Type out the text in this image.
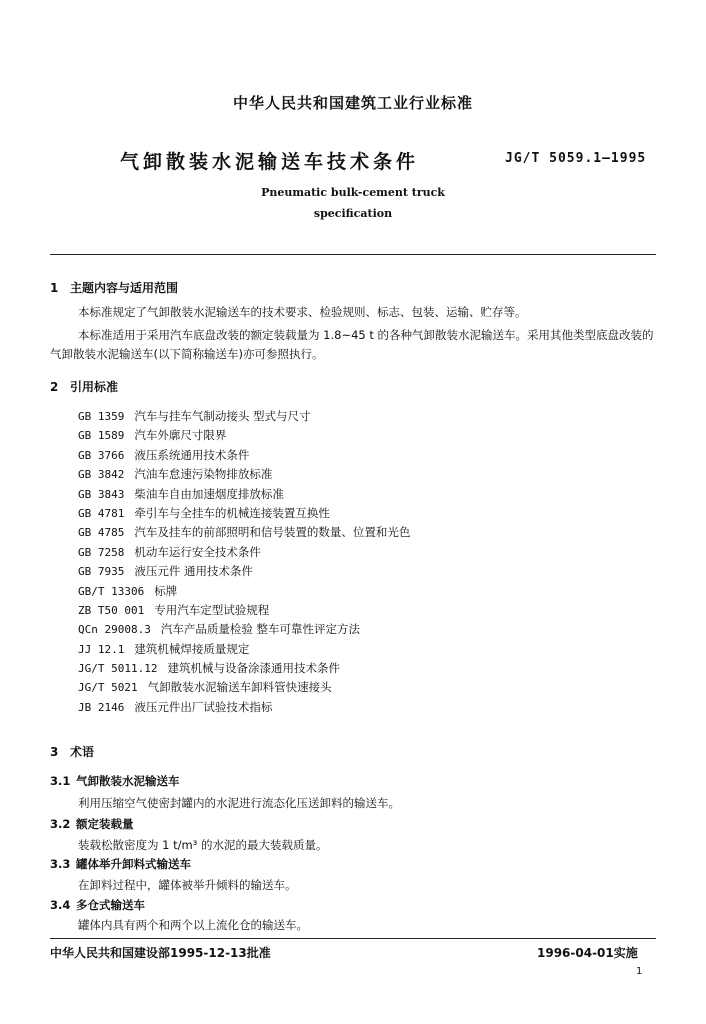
中华人民共和国建筑工业行业标准
气卸散装水泥输送车技术条件	JG/T 5059.1—1995
Pneumatic bulk-cement truck
specification
1 主题内容与适用范围
本标准规定了气卸散装水泥输送车的技术要求、检验规则、标志、包装、运输、贮存等。
本标准适用于采用汽车底盘改装的额定装载量为 1.8~45 t 的各种气卸散装水泥输送车。采用其他类型底盘改装的气卸散装水泥输送车(以下简称输送车)亦可参照执行。
2 引用标准
GB 1359 汽车与挂车气制动接头 型式与尺寸
GB 1589 汽车外廓尺寸限界
GB 3766 液压系统通用技术条件
GB 3842 汽油车怠速污染物排放标准
GB 3843 柴油车自由加速烟度排放标准
GB 4781 牵引车与全挂车的机械连接装置互换性
GB 4785 汽车及挂车的前部照明和信号装置的数量、位置和光色
GB 7258 机动车运行安全技术条件
GB 7935 液压元件 通用技术条件
GB/T 13306 标牌
ZB T50 001 专用汽车定型试验规程
QCn 29008.3 汽车产品质量检验 整车可靠性评定方法
JJ 12.1 建筑机械焊接质量规定
JG/T 5011.12 建筑机械与设备涂漆通用技术条件
JG/T 5021 气卸散装水泥输送车卸料管快速接头
JB 2146 液压元件出厂试验技术指标
3 术语
3.1 气卸散装水泥输送车
利用压缩空气使密封罐内的水泥进行流态化压送卸料的输送车。
3.2 额定装载量
装载松散密度为 1 t/m³ 的水泥的最大装载质量。
3.3 罐体举升卸料式输送车
在卸料过程中，罐体被举升倾料的输送车。
3.4 多仓式输送车
罐体内具有两个和两个以上流化仓的输送车。
中华人民共和国建设部1995-12-13批准	1996-04-01实施
1
